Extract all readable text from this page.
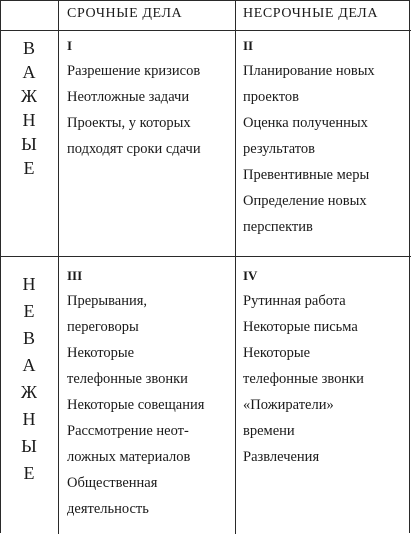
СРОЧНЫЕ ДЕЛА	НЕСРОЧНЫЕ ДЕЛА
В
А
Ж
Н
Ы
Е
Н
Е
В
А
Ж
Н
Ы
Е
I
Разрешение кризисов
Неотложные задачи
Проекты, у которых
подходят сроки сдачи
II
Планирование новых
проектов
Оценка полученных
результатов
Превентивные меры
Определение новых
перспектив
III
Прерывания,
переговоры
Некоторые
телефонные звонки
Некоторые совещания
Рассмотрение неот-
ложных материалов
Общественная
деятельность
IV
Рутинная работа
Некоторые письма
Некоторые
телефонные звонки
«Пожиратели»
времени
Развлечения
